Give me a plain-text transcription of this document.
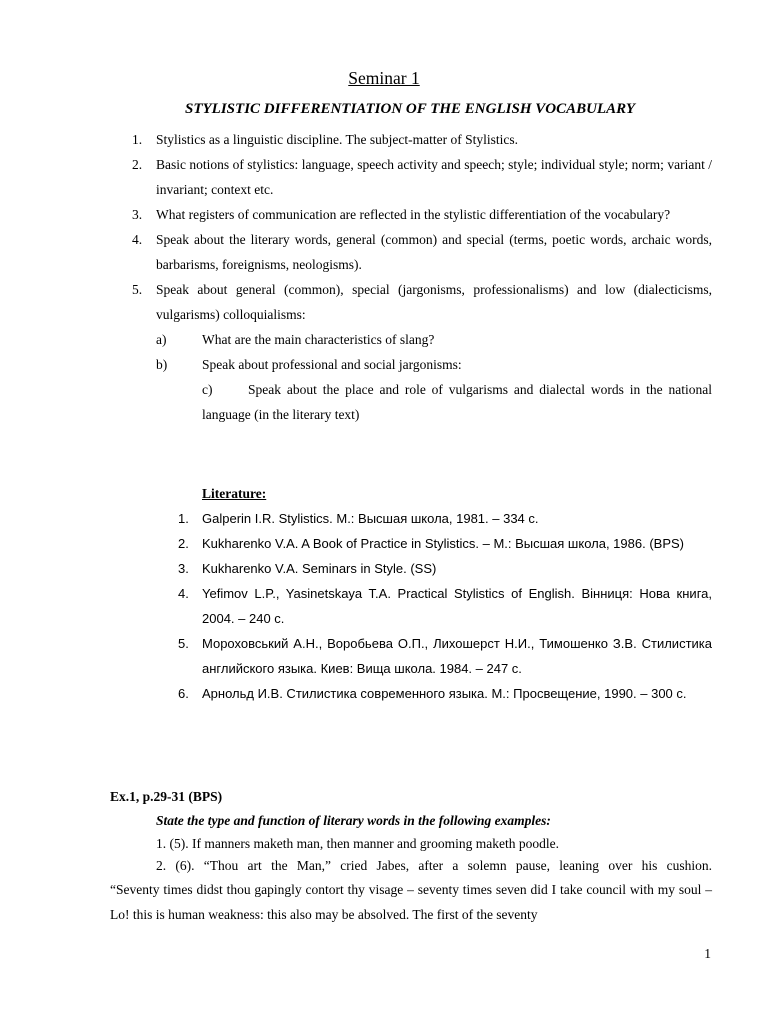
Seminar 1
STYLISTIC DIFFERENTIATION OF THE ENGLISH VOCABULARY
1. Stylistics as a linguistic discipline. The subject-matter of Stylistics.
2. Basic notions of stylistics: language, speech activity and speech; style; individual style; norm; variant / invariant; context etc.
3. What registers of communication are reflected in the stylistic differentiation of the vocabulary?
4. Speak about the literary words, general (common) and special (terms, poetic words, archaic words, barbarisms, foreignisms, neologisms).
5. Speak about general (common), special (jargonisms, professionalisms) and low (dialecticisms, vulgarisms) colloquialisms:
a)	What are the main characteristics of slang?
b)	Speak about professional and social jargonisms:
c)	Speak about the place and role of vulgarisms and dialectal words in the national language (in the literary text)
Literature:
1. Galperin I.R. Stylistics. M.: Высшая школа, 1981. – 334 с.
2. Kukharenko V.A. A Book of Practice in Stylistics. – M.: Высшая школа, 1986. (BPS)
3. Kukharenko V.A. Seminars in Style. (SS)
4. Yefimov L.P., Yasinetskaya T.A. Practical Stylistics of English. Вінниця: Нова книга, 2004. – 240 с.
5. Мороховський А.Н., Воробьева О.П., Лихошерст Н.И., Тимошенко З.В. Стилистика английского языка. Киев: Вища школа. 1984. – 247 с.
6. Арнольд И.В. Стилистика современного языка. М.: Просвещение, 1990. – 300 с.
Ex.1, p.29-31 (BPS)
State the type and function of literary words in the following examples:
1. (5). If manners maketh man, then manner and grooming maketh poodle.
2. (6). “Thou art the Man,” cried Jabes, after a solemn pause, leaning over his cushion.
“Seventy times didst thou gapingly contort thy visage – seventy times seven did I take council with my soul – Lo! this is human weakness: this also may be absolved. The first of the seventy
1
